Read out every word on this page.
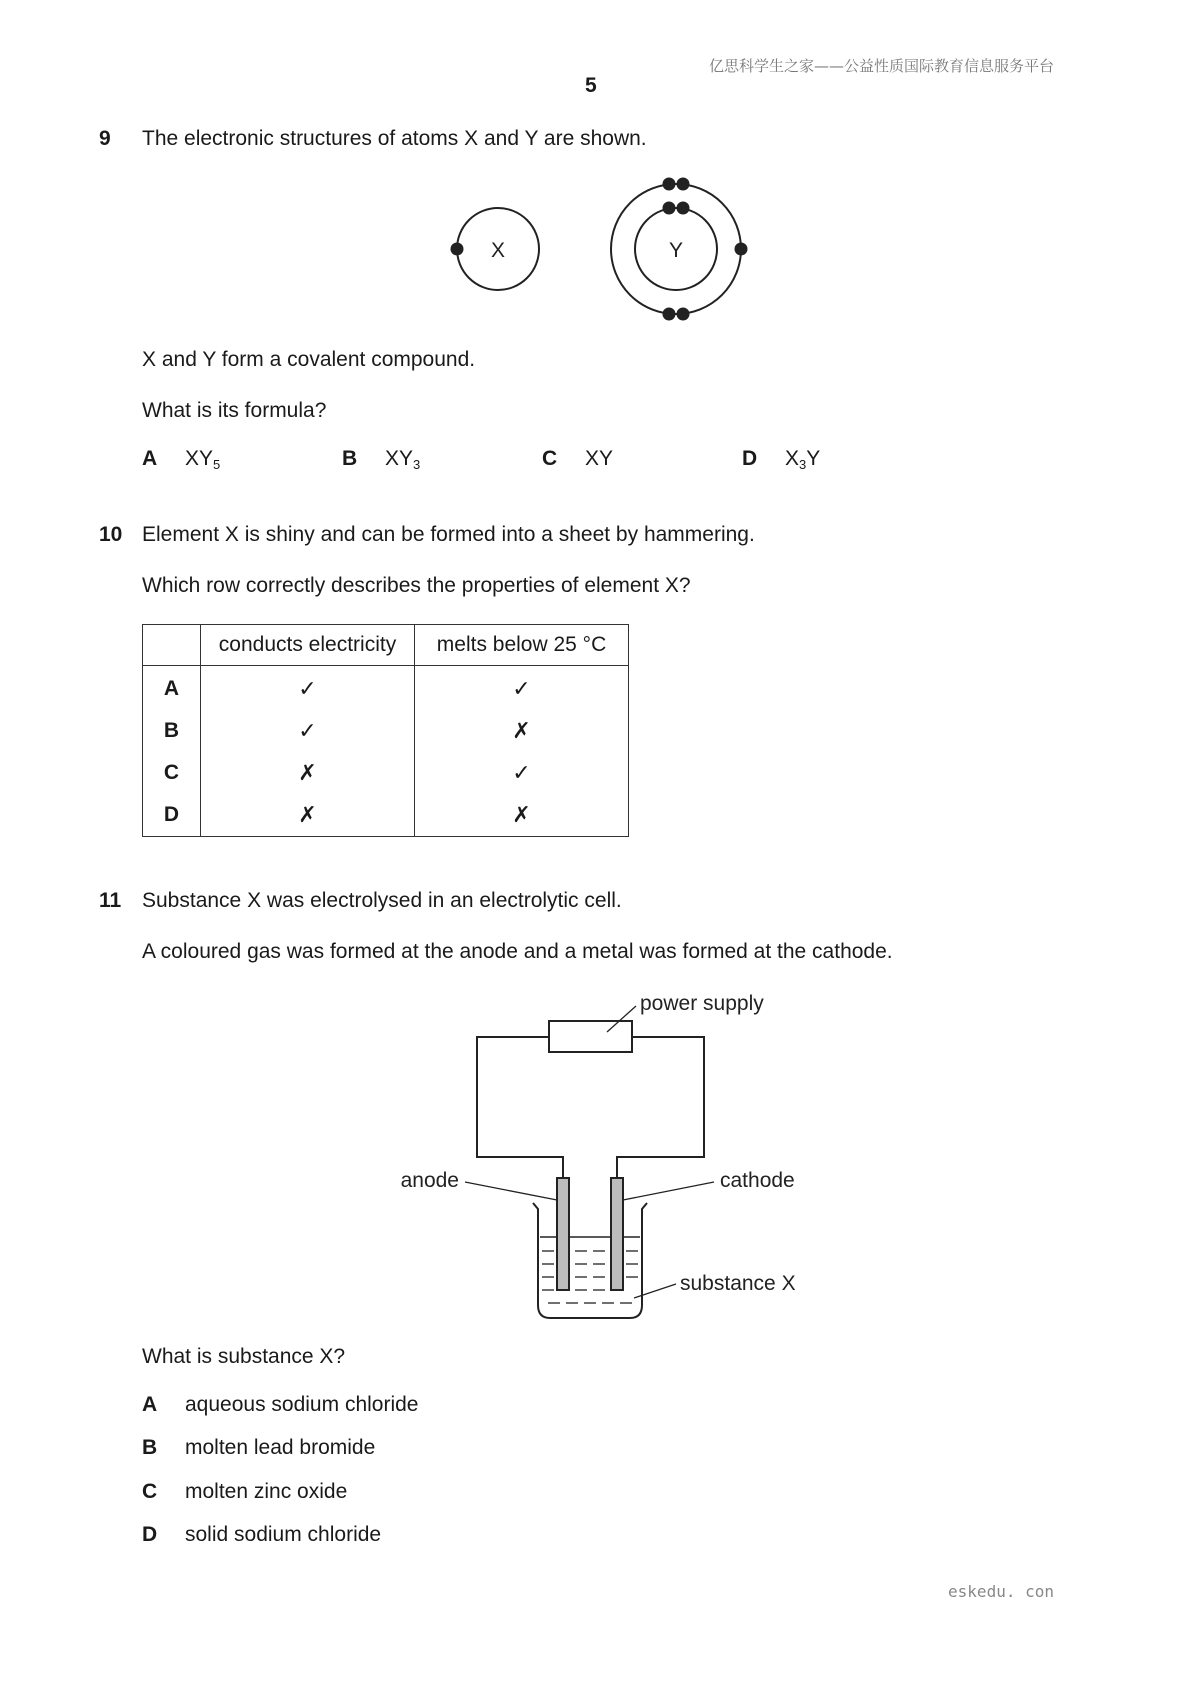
亿思科学生之家——公益性质国际教育信息服务平台
5
eskedu. con
9 The electronic structures of atoms X and Y are shown.
X	Y
X and Y form a covalent compound.
What is its formula?
A $XY_5$	B $XY_3$	C XY	D $X_3Y$
10 Element X is shiny and can be formed into a sheet by hammering.
Which row correctly describes the properties of element X?
	conducts electricity	melts below 25 °C
A	✓	✓
B	✓	✗
C	✗	✓
D	✗	✗
11 Substance X was electrolysed in an electrolytic cell.
A coloured gas was formed at the anode and a metal was formed at the cathode.
power supply
anode	cathode
substance X
What is substance X?
A aqueous sodium chloride
B molten lead bromide
C molten zinc oxide
D solid sodium chloride
